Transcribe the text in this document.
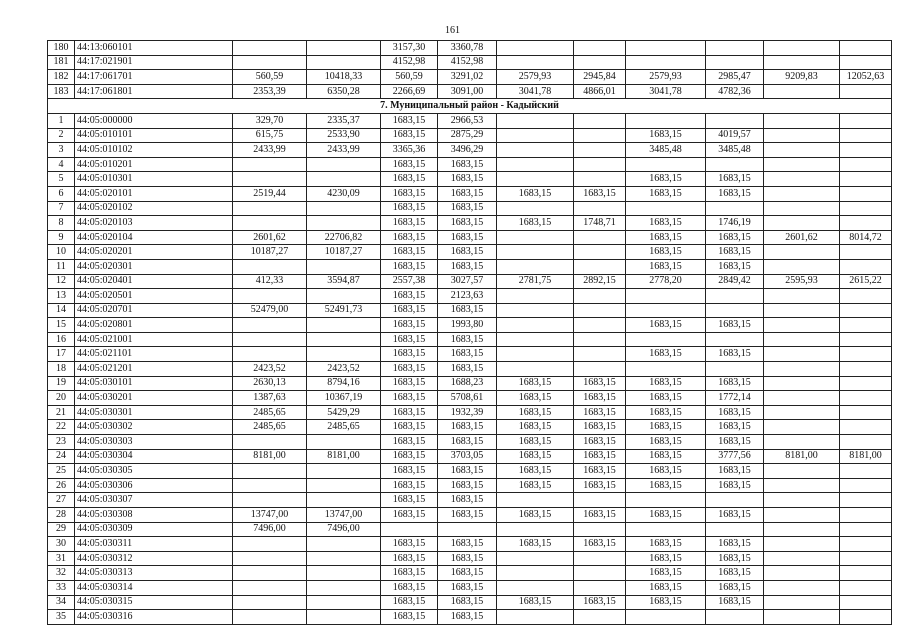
161
180	44:13:060101			3157,30	3360,78						
181	44:17:021901			4152,98	4152,98						
182	44:17:061701	560,59	10418,33	560,59	3291,02	2579,93	2945,84	2579,93	2985,47	9209,83	12052,63
183	44:17:061801	2353,39	6350,28	2266,69	3091,00	3041,78	4866,01	3041,78	4782,36		
7. Муниципальный район - Кадыйский											
1	44:05:000000	329,70	2335,37	1683,15	2966,53						
2	44:05:010101	615,75	2533,90	1683,15	2875,29			1683,15	4019,57		
3	44:05:010102	2433,99	2433,99	3365,36	3496,29			3485,48	3485,48		
4	44:05:010201			1683,15	1683,15						
5	44:05:010301			1683,15	1683,15			1683,15	1683,15		
6	44:05:020101	2519,44	4230,09	1683,15	1683,15	1683,15	1683,15	1683,15	1683,15		
7	44:05:020102			1683,15	1683,15						
8	44:05:020103			1683,15	1683,15	1683,15	1748,71	1683,15	1746,19		
9	44:05:020104	2601,62	22706,82	1683,15	1683,15			1683,15	1683,15	2601,62	8014,72
10	44:05:020201	10187,27	10187,27	1683,15	1683,15			1683,15	1683,15		
11	44:05:020301			1683,15	1683,15			1683,15	1683,15		
12	44:05:020401	412,33	3594,87	2557,38	3027,57	2781,75	2892,15	2778,20	2849,42	2595,93	2615,22
13	44:05:020501			1683,15	2123,63						
14	44:05:020701	52479,00	52491,73	1683,15	1683,15						
15	44:05:020801			1683,15	1993,80			1683,15	1683,15		
16	44:05:021001			1683,15	1683,15						
17	44:05:021101			1683,15	1683,15			1683,15	1683,15		
18	44:05:021201	2423,52	2423,52	1683,15	1683,15						
19	44:05:030101	2630,13	8794,16	1683,15	1688,23	1683,15	1683,15	1683,15	1683,15		
20	44:05:030201	1387,63	10367,19	1683,15	5708,61	1683,15	1683,15	1683,15	1772,14		
21	44:05:030301	2485,65	5429,29	1683,15	1932,39	1683,15	1683,15	1683,15	1683,15		
22	44:05:030302	2485,65	2485,65	1683,15	1683,15	1683,15	1683,15	1683,15	1683,15		
23	44:05:030303			1683,15	1683,15	1683,15	1683,15	1683,15	1683,15		
24	44:05:030304	8181,00	8181,00	1683,15	3703,05	1683,15	1683,15	1683,15	3777,56	8181,00	8181,00
25	44:05:030305			1683,15	1683,15	1683,15	1683,15	1683,15	1683,15		
26	44:05:030306			1683,15	1683,15	1683,15	1683,15	1683,15	1683,15		
27	44:05:030307			1683,15	1683,15						
28	44:05:030308	13747,00	13747,00	1683,15	1683,15	1683,15	1683,15	1683,15	1683,15		
29	44:05:030309	7496,00	7496,00								
30	44:05:030311			1683,15	1683,15	1683,15	1683,15	1683,15	1683,15		
31	44:05:030312			1683,15	1683,15			1683,15	1683,15		
32	44:05:030313			1683,15	1683,15			1683,15	1683,15		
33	44:05:030314			1683,15	1683,15			1683,15	1683,15		
34	44:05:030315			1683,15	1683,15	1683,15	1683,15	1683,15	1683,15		
35	44:05:030316			1683,15	1683,15						
